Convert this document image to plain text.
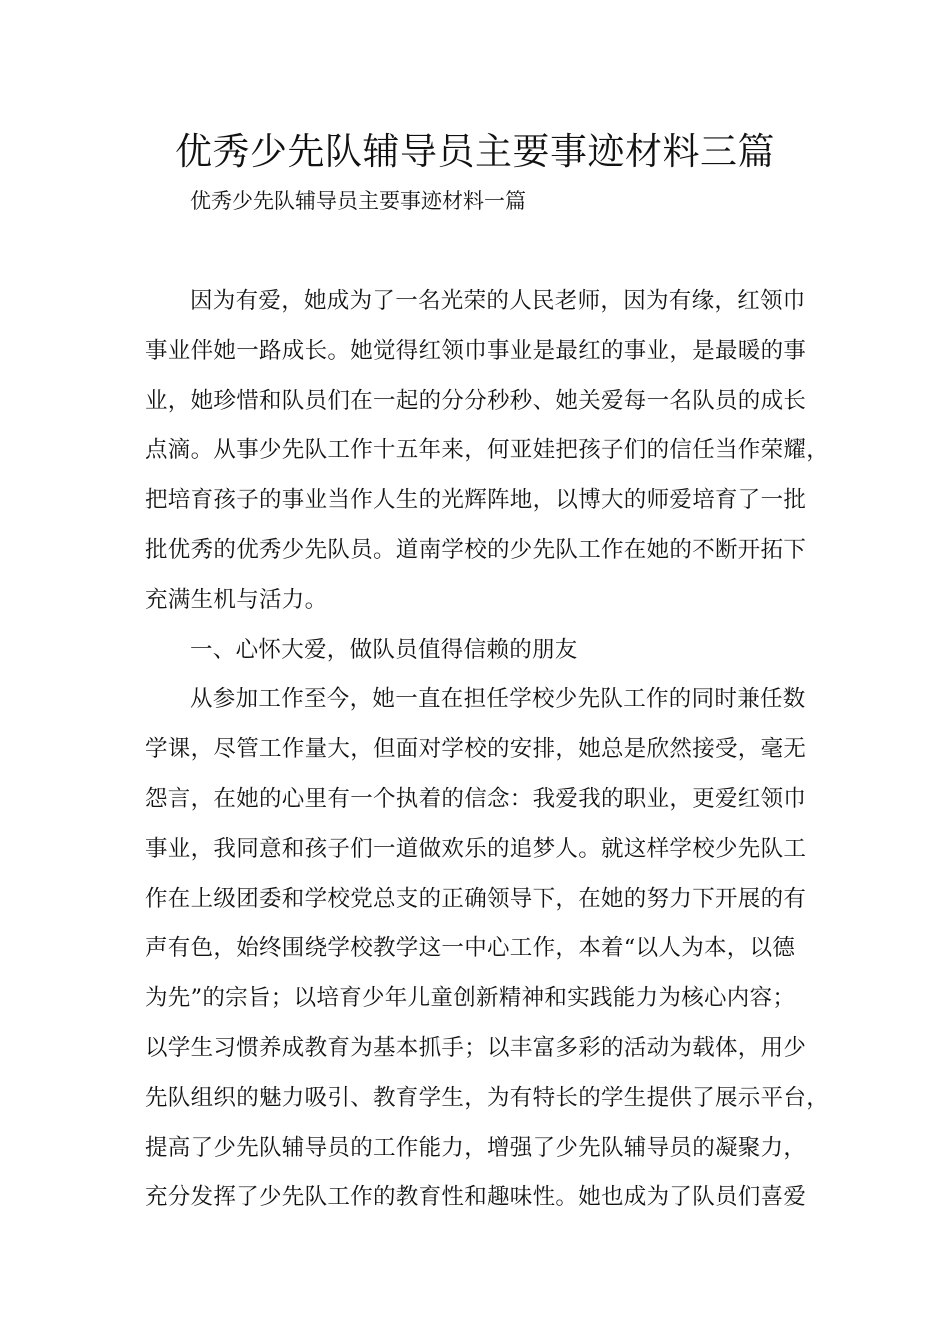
优秀少先队辅导员主要事迹材料三篇
优秀少先队辅导员主要事迹材料一篇
因为有爱，她成为了一名光荣的人民老师，因为有缘，红领巾
事业伴她一路成长。她觉得红领巾事业是最红的事业，是最暖的事
业，她珍惜和队员们在一起的分分秒秒、她关爱每一名队员的成长
点滴。从事少先队工作十五年来，何亚娃把孩子们的信任当作荣耀，
把培育孩子的事业当作人生的光辉阵地，以博大的师爱培育了一批
批优秀的优秀少先队员。道南学校的少先队工作在她的不断开拓下
充满生机与活力。
一、心怀大爱，做队员值得信赖的朋友
从参加工作至今，她一直在担任学校少先队工作的同时兼任数
学课，尽管工作量大，但面对学校的安排，她总是欣然接受，毫无
怨言，在她的心里有一个执着的信念：我爱我的职业，更爱红领巾
事业，我同意和孩子们一道做欢乐的追梦人。就这样学校少先队工
作在上级团委和学校党总支的正确领导下，在她的努力下开展的有
声有色，始终围绕学校教学这一中心工作，本着“以人为本，以德
为先”的宗旨；以培育少年儿童创新精神和实践能力为核心内容；
以学生习惯养成教育为基本抓手；以丰富多彩的活动为载体，用少
先队组织的魅力吸引、教育学生，为有特长的学生提供了展示平台，
提高了少先队辅导员的工作能力，增强了少先队辅导员的凝聚力，
充分发挥了少先队工作的教育性和趣味性。她也成为了队员们喜爱
